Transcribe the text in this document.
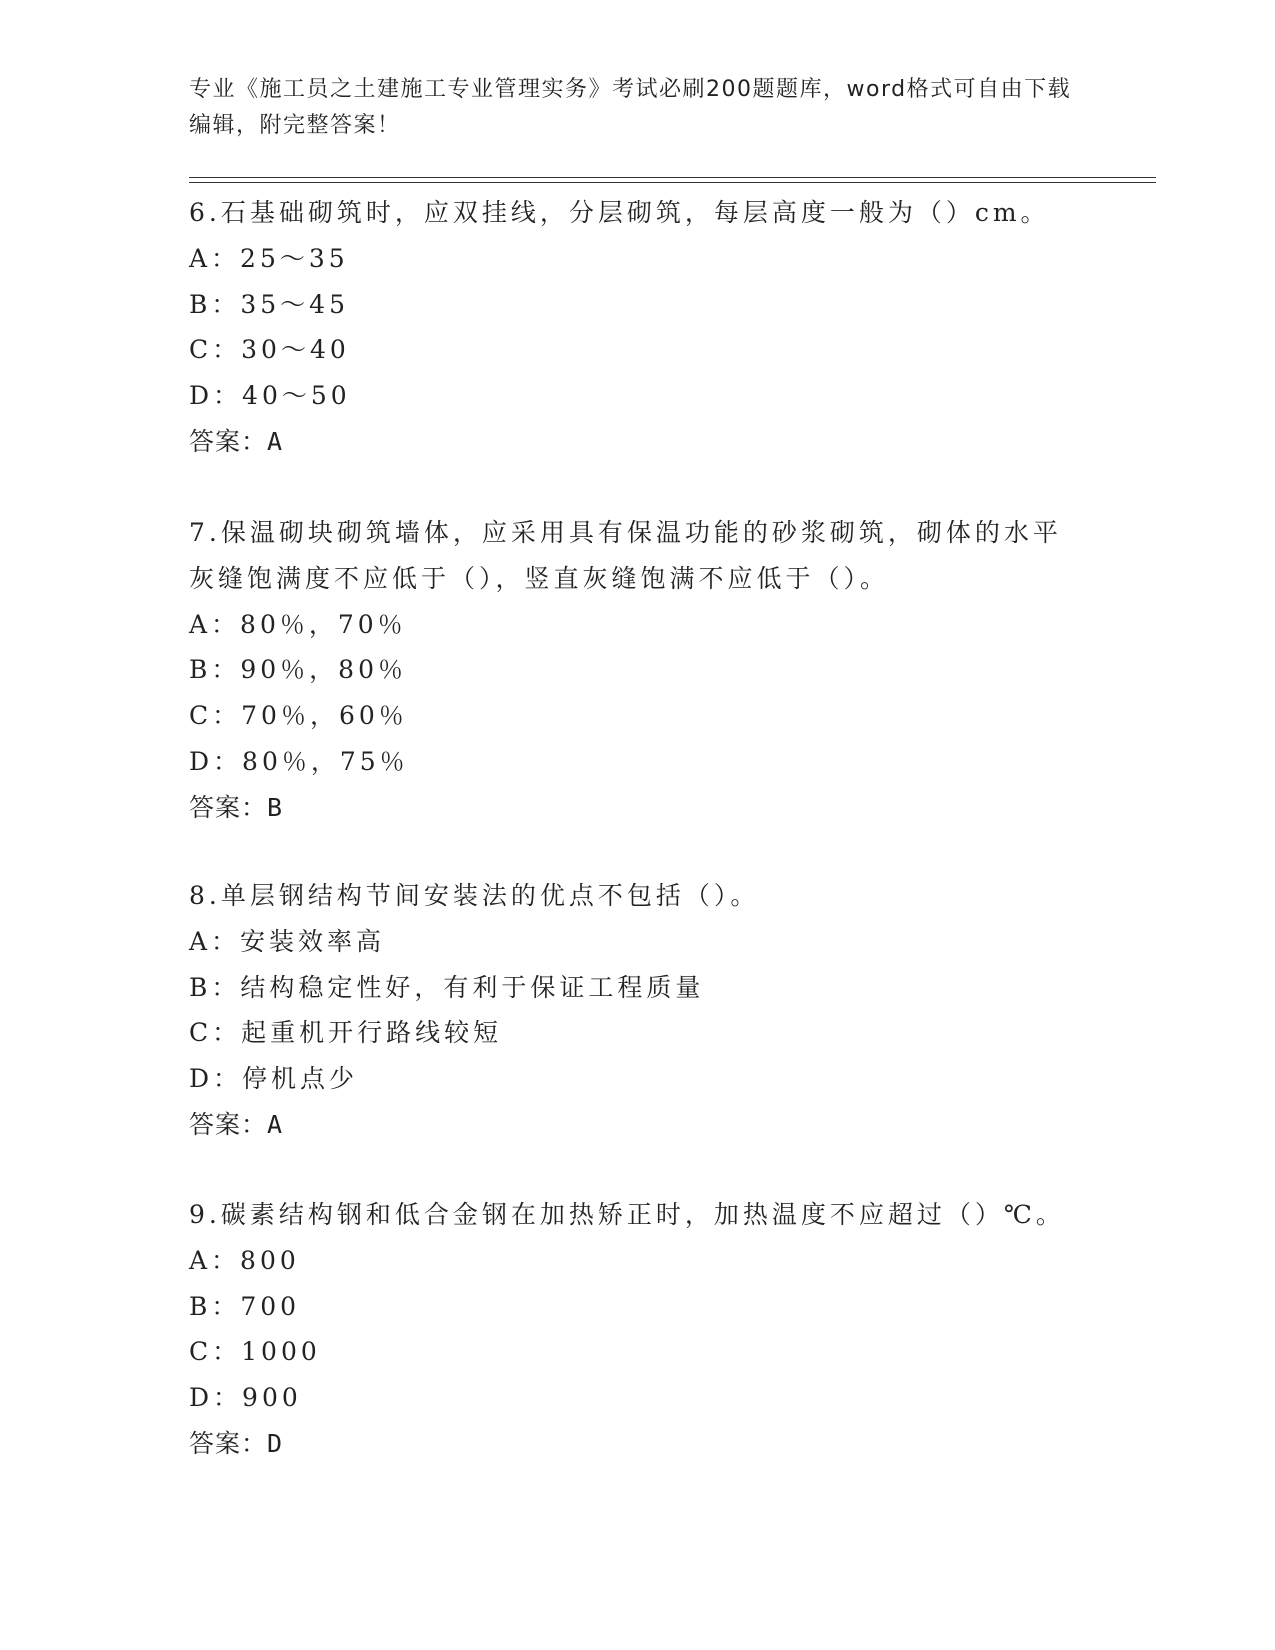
专业《施工员之土建施工专业管理实务》考试必刷200题题库，word格式可自由下载编辑，附完整答案！
6.石基础砌筑时，应双挂线，分层砌筑，每层高度一般为（）cm。
A：25～35
B：35～45
C：30～40
D：40～50
答案：A
7.保温砌块砌筑墙体，应采用具有保温功能的砂浆砌筑，砌体的水平灰缝饱满度不应低于（），竖直灰缝饱满不应低于（）。
A：80％，70％
B：90％，80％
C：70％，60％
D：80％，75％
答案：B
8.单层钢结构节间安装法的优点不包括（）。
A：安装效率高
B：结构稳定性好，有利于保证工程质量
C：起重机开行路线较短
D：停机点少
答案：A
9.碳素结构钢和低合金钢在加热矫正时，加热温度不应超过（）℃。
A：800
B：700
C：1000
D：900
答案：D
